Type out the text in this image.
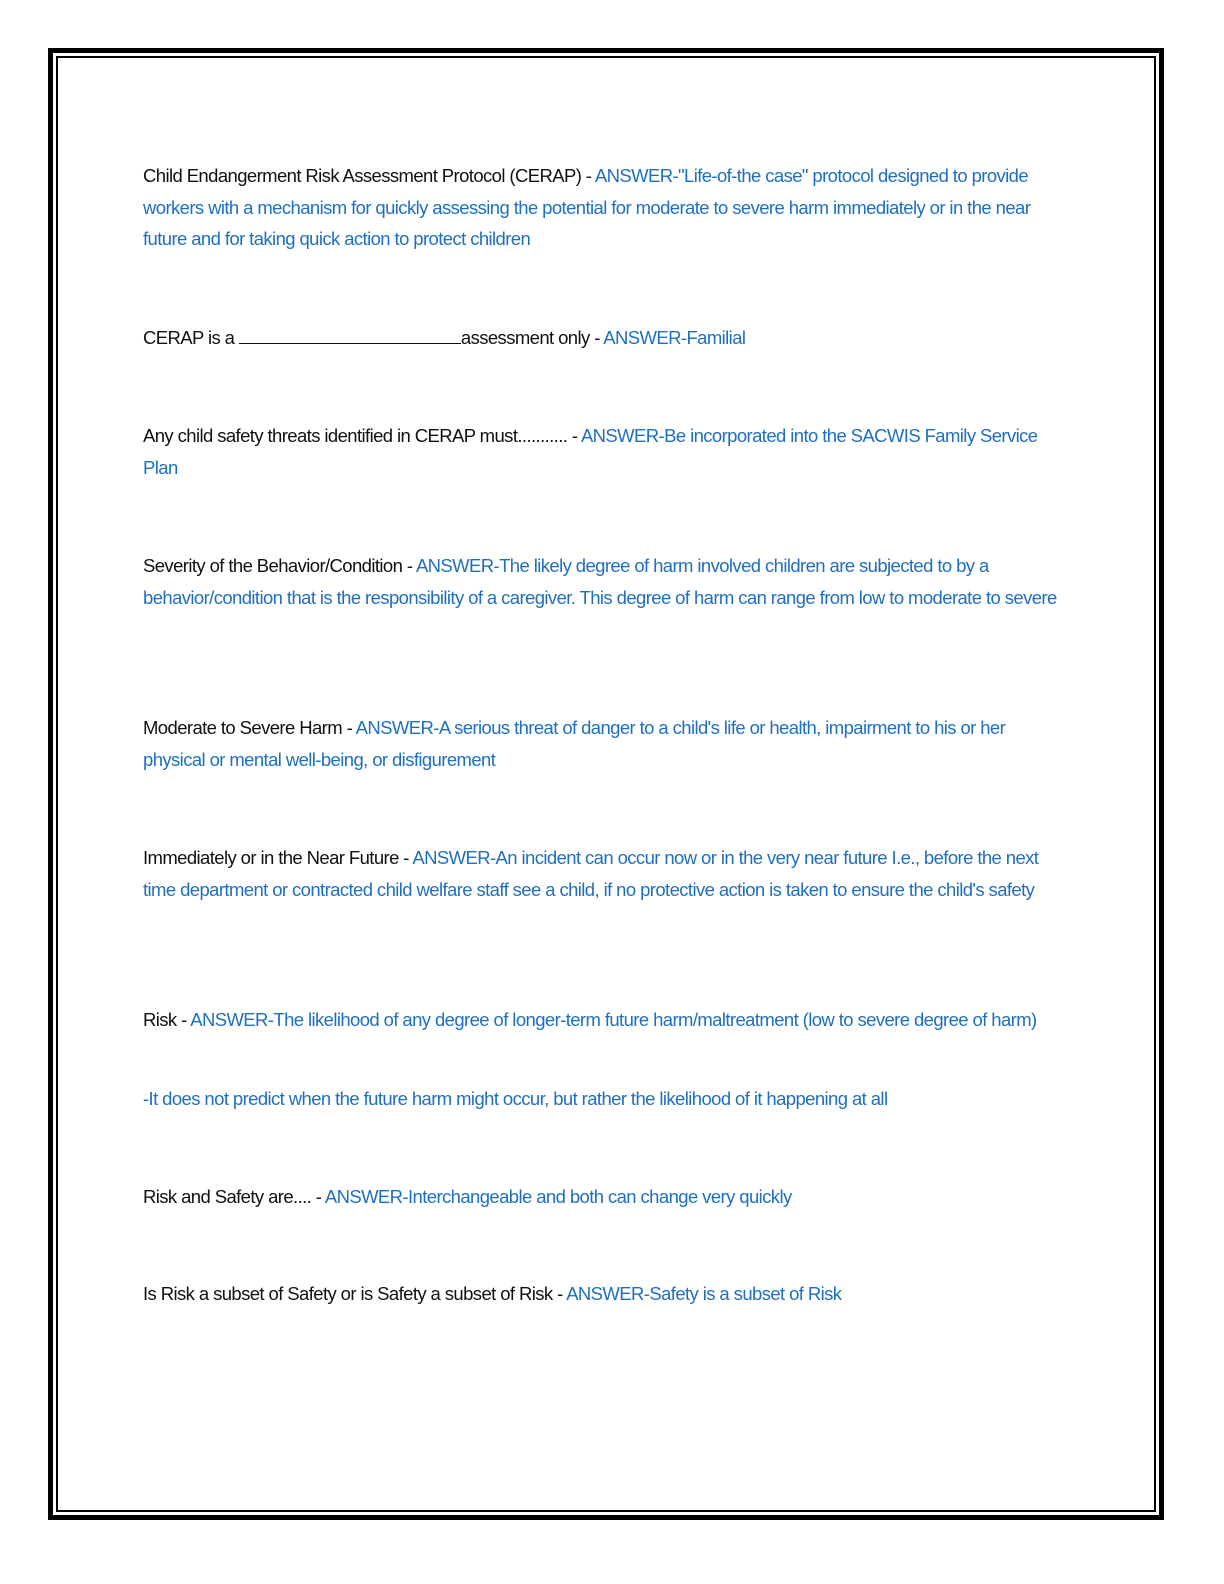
Child Endangerment Risk Assessment Protocol (CERAP) - ANSWER-"Life-of-the case" protocol designed to provide workers with a mechanism for quickly assessing the potential for moderate to severe harm immediately or in the near future and for taking quick action to protect children
CERAP is a	assessment only - ANSWER-Familial
Any child safety threats identified in CERAP must........... - ANSWER-Be incorporated into the SACWIS Family Service Plan
Severity of the Behavior/Condition - ANSWER-The likely degree of harm involved children are subjected to by a behavior/condition that is the responsibility of a caregiver. This degree of harm can range from low to moderate to severe
Moderate to Severe Harm - ANSWER-A serious threat of danger to a child's life or health, impairment to his or her physical or mental well-being, or disfigurement
Immediately or in the Near Future - ANSWER-An incident can occur now or in the very near future I.e., before the next time department or contracted child welfare staff see a child, if no protective action is taken to ensure the child's safety
Risk - ANSWER-The likelihood of any degree of longer-term future harm/maltreatment (low to severe degree of harm)
-It does not predict when the future harm might occur, but rather the likelihood of it happening at all
Risk and Safety are.... - ANSWER-Interchangeable and both can change very quickly
Is Risk a subset of Safety or is Safety a subset of Risk - ANSWER-Safety is a subset of Risk
